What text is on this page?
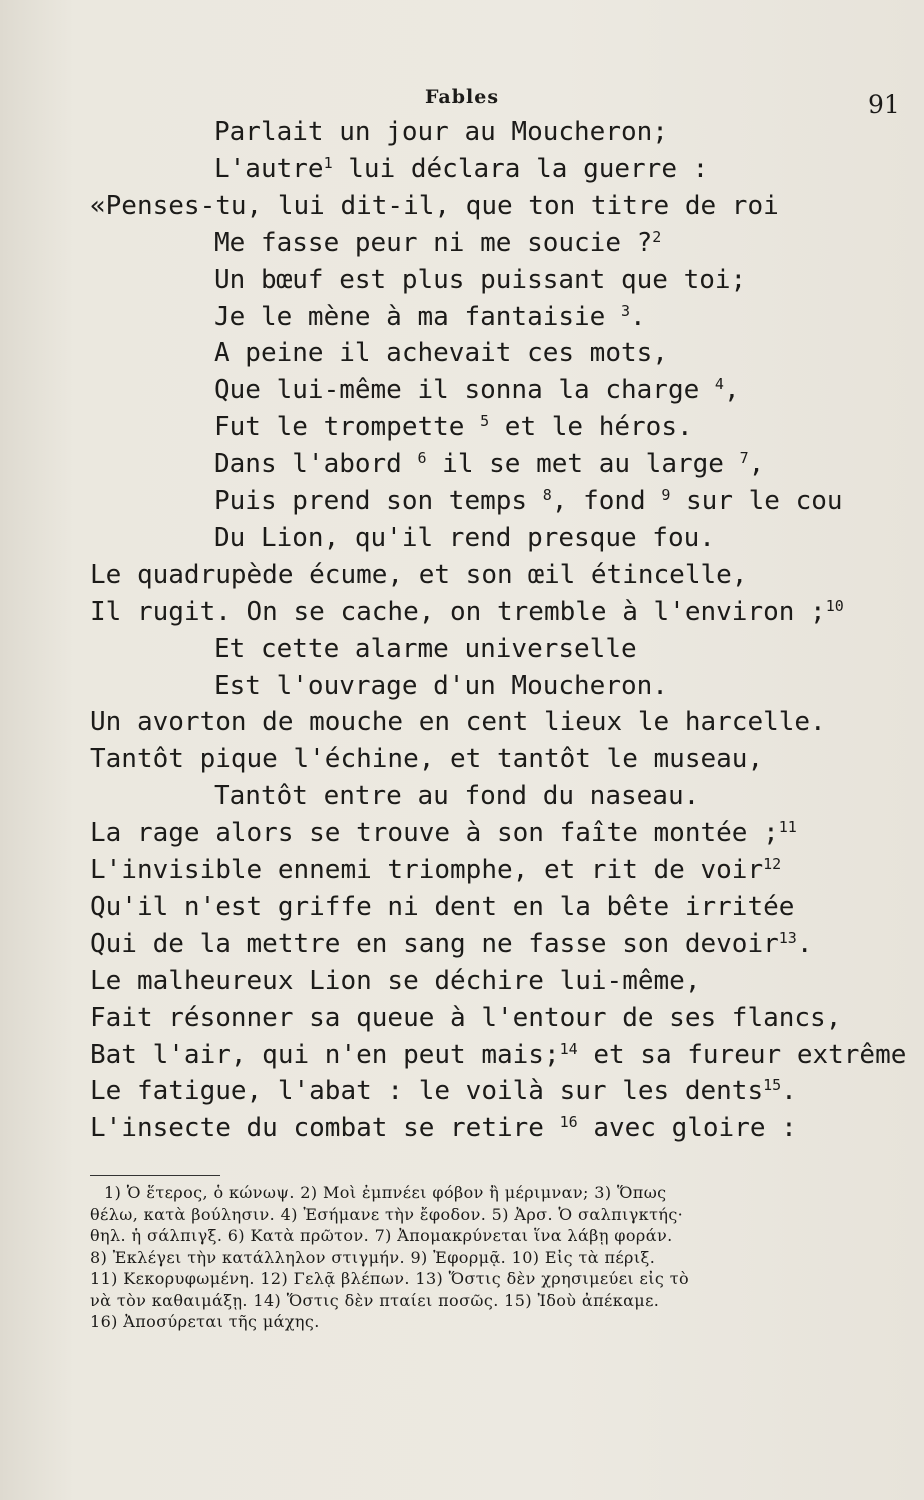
Fables	91
Parlait un jour au Moucheron;
L'autre$^1$ lui déclara la guerre :
«Penses-tu, lui dit-il, que ton titre de roi
Me fasse peur ni me soucie ?$^2$
Un bœuf est plus puissant que toi;
Je le mène à ma fantaisie $^3$.
A peine il achevait ces mots,
Que lui-même il sonna la charge $^4$,
Fut le trompette $^5$ et le héros.
Dans l'abord $^6$ il se met au large $^7$,
Puis prend son temps $^8$, fond $^9$ sur le cou
Du Lion, qu'il rend presque fou.
Le quadrupède écume, et son œil étincelle,
Il rugit. On se cache, on tremble à l'environ ;$^{10}$
Et cette alarme universelle
Est l'ouvrage d'un Moucheron.
Un avorton de mouche en cent lieux le harcelle.
Tantôt pique l'échine, et tantôt le museau,
Tantôt entre au fond du naseau.
La rage alors se trouve à son faîte montée ;$^{11}$
L'invisible ennemi triomphe, et rit de voir$^{12}$
Qu'il n'est griffe ni dent en la bête irritée
Qui de la mettre en sang ne fasse son devoir$^{13}$.
Le malheureux Lion se déchire lui-même,
Fait résonner sa queue à l'entour de ses flancs,
Bat l'air, qui n'en peut mais;$^{14}$ et sa fureur extrême
Le fatigue, l'abat : le voilà sur les dents$^{15}$.
L'insecte du combat se retire $^{16}$ avec gloire :
1) Ὁ ἕτερος, ὁ κώνωψ. 2) Μοὶ ἐμπνέει φόβον ἢ μέριμναν; 3) Ὅπως
θέλω, κατὰ βούλησιν. 4) Ἐσήμανε τὴν ἔφοδον. 5) Ἀρσ. Ὁ σαλπιγκτής·
θηλ. ἡ σάλπιγξ. 6) Κατὰ πρῶτον. 7) Ἀπομακρύνεται ἵνα λάβῃ φοράν.
8) Ἐκλέγει τὴν κατάλληλον στιγμήν. 9) Ἐφορμᾷ. 10) Εἰς τὰ πέριξ.
11) Κεκορυφωμένη. 12) Γελᾷ βλέπων. 13) Ὅστις δὲν χρησιμεύει εἰς τὸ
νὰ τὸν καθαιμάξῃ. 14) Ὅστις δὲν πταίει ποσῶς. 15) Ἰδοὺ ἀπέκαμε.
16) Ἀποσύρεται τῆς μάχης.
